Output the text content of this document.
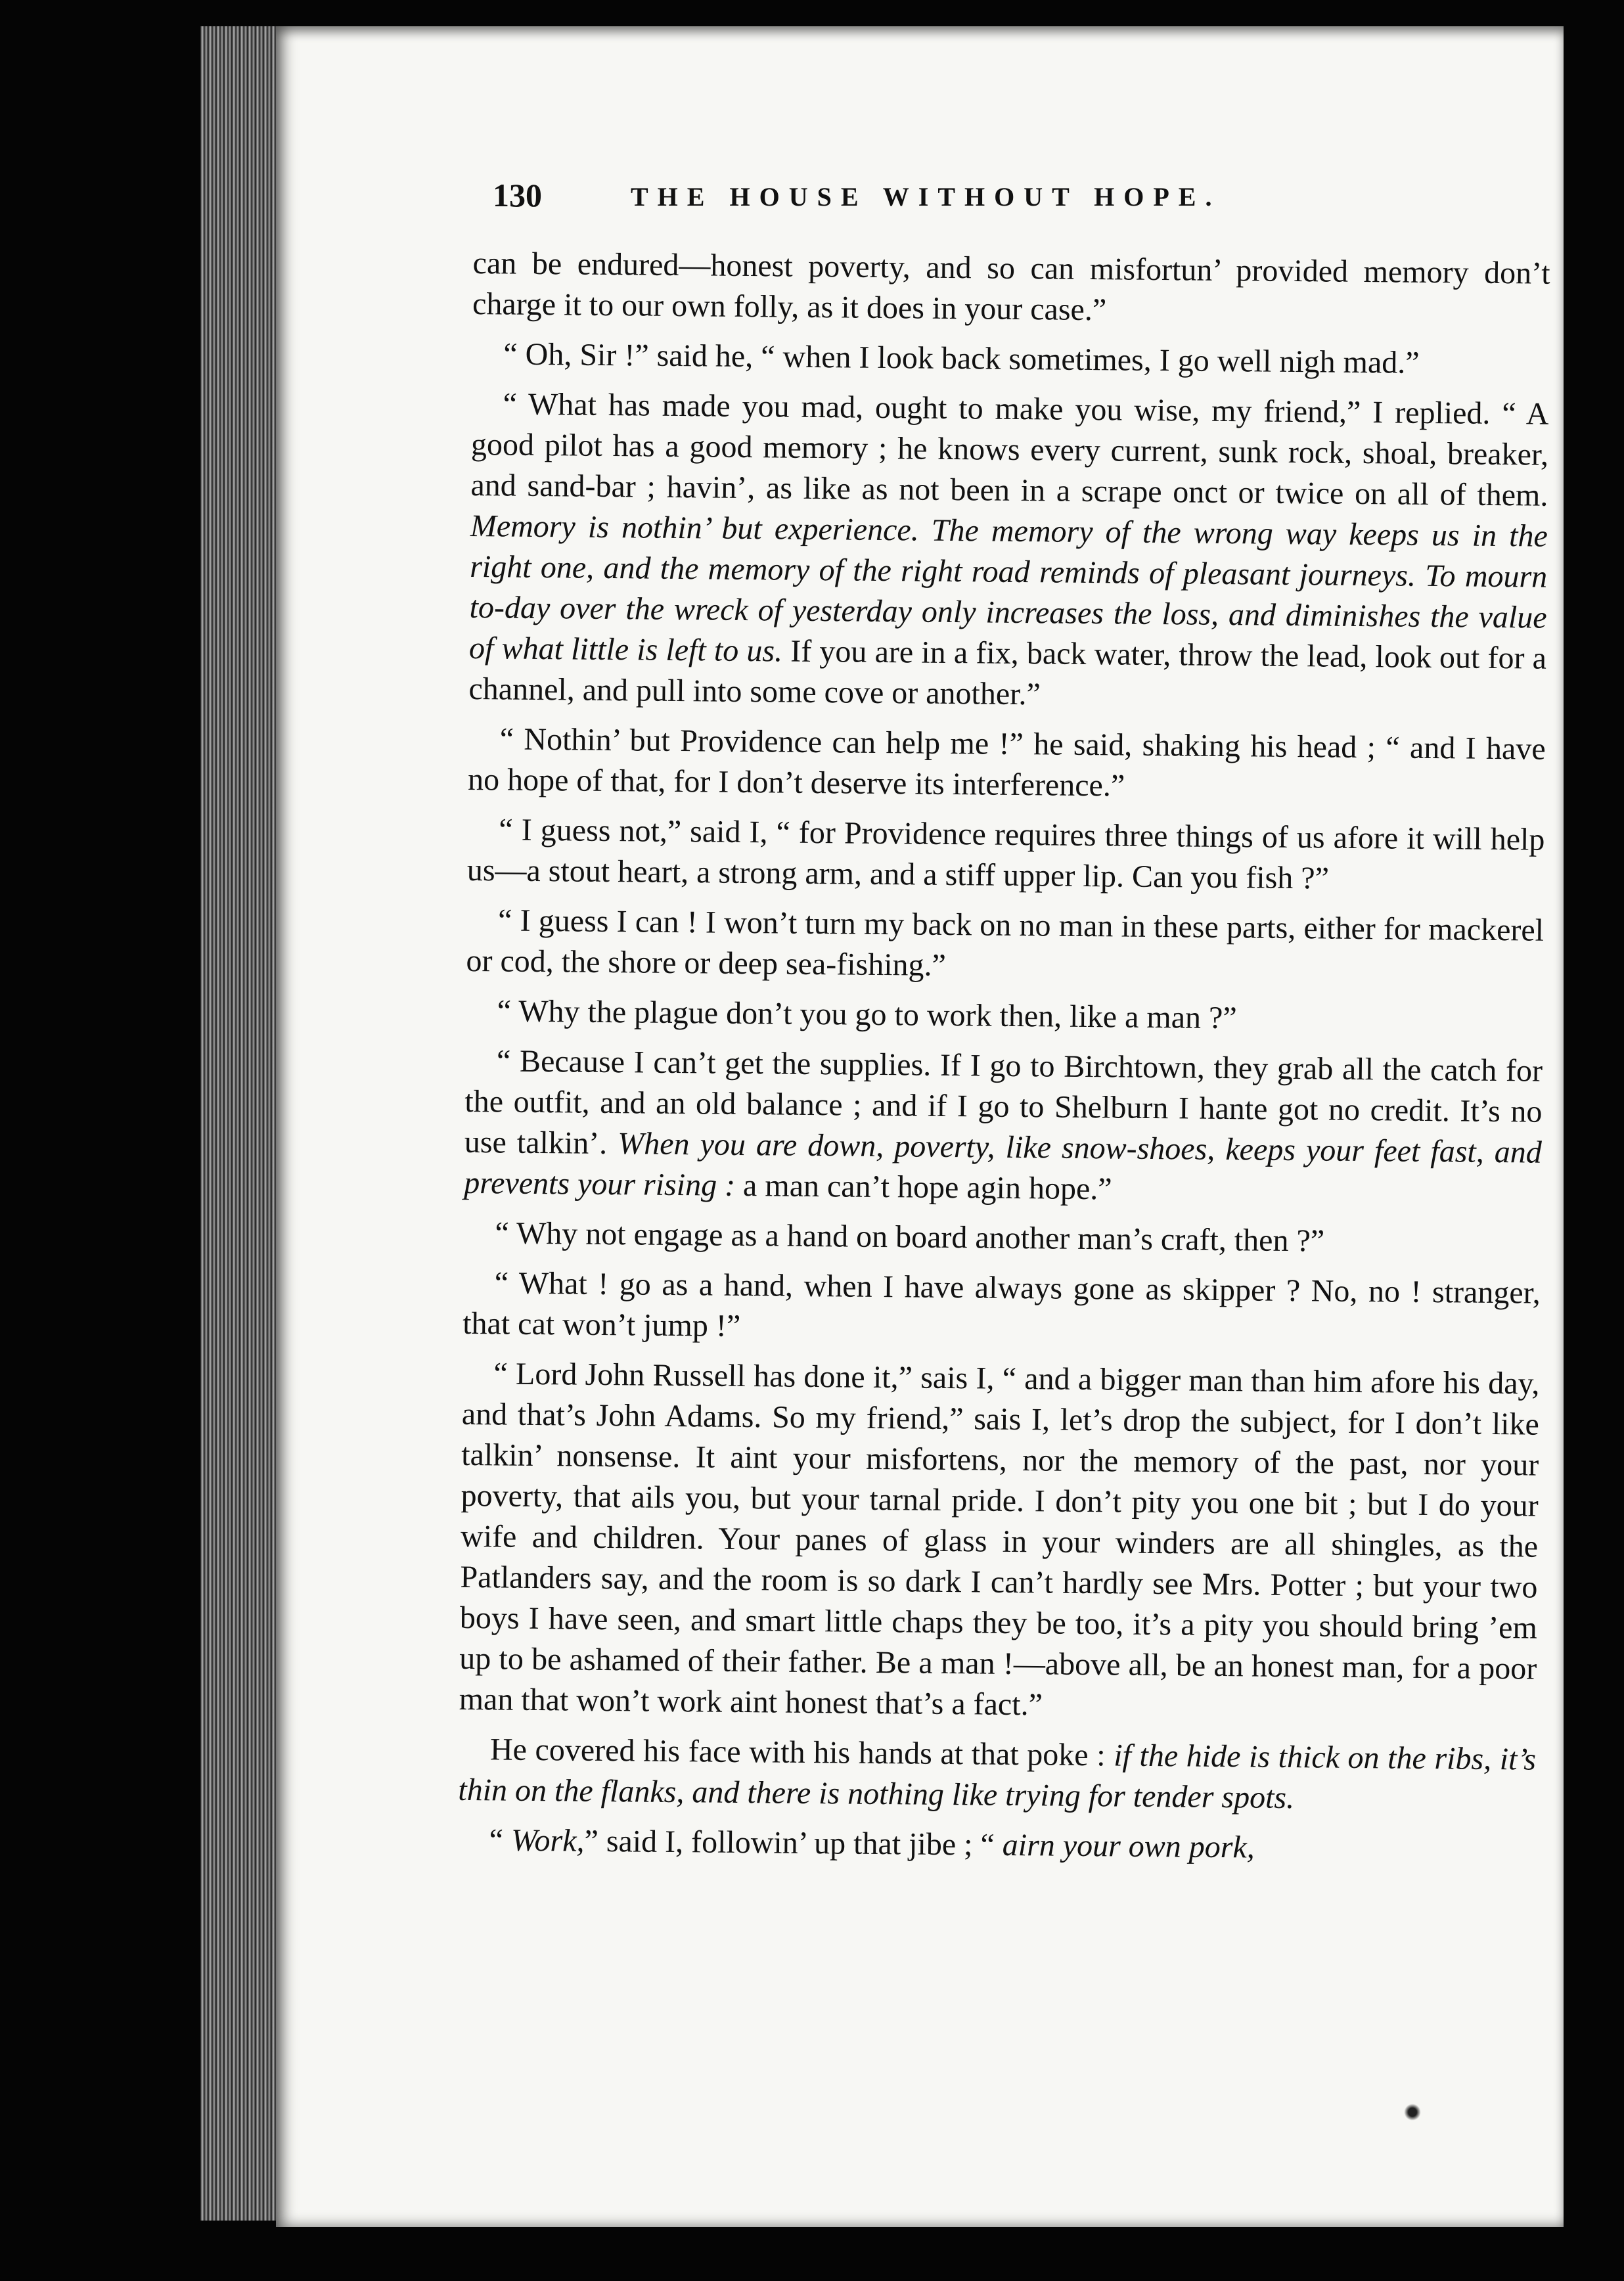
130	THE HOUSE WITHOUT HOPE.

can be endured—honest poverty, and so can misfortun’ provided memory don’t charge it to our own folly, as it does in your case.”

“ Oh, Sir !” said he, “ when I look back sometimes, I go well nigh mad.”

“ What has made you mad, ought to make you wise, my friend,” I replied. “ A good pilot has a good memory ; he knows every current, sunk rock, shoal, breaker, and sand-bar ; havin’, as like as not been in a scrape onct or twice on all of them. Memory is nothin’ but experience. The memory of the wrong way keeps us in the right one, and the memory of the right road reminds of pleasant journeys. To mourn to-day over the wreck of yesterday only increases the loss, and diminishes the value of what little is left to us. If you are in a fix, back water, throw the lead, look out for a channel, and pull into some cove or another.”

“ Nothin’ but Providence can help me !” he said, shaking his head ; “ and I have no hope of that, for I don’t deserve its interference.”

“ I guess not,” said I, “ for Providence requires three things of us afore it will help us—a stout heart, a strong arm, and a stiff upper lip. Can you fish ?”

“ I guess I can ! I won’t turn my back on no man in these parts, either for mackerel or cod, the shore or deep sea-fishing.”

“ Why the plague don’t you go to work then, like a man ?”

“ Because I can’t get the supplies. If I go to Birchtown, they grab all the catch for the outfit, and an old balance ; and if I go to Shelburn I hante got no credit. It’s no use talkin’. When you are down, poverty, like snow-shoes, keeps your feet fast, and prevents your rising : a man can’t hope agin hope.”

“ Why not engage as a hand on board another man’s craft, then ?”

“ What ! go as a hand, when I have always gone as skipper ? No, no ! stranger, that cat won’t jump !”

“ Lord John Russell has done it,” sais I, “ and a bigger man than him afore his day, and that’s John Adams. So my friend,” sais I, let’s drop the subject, for I don’t like talkin’ nonsense. It aint your misfortens, nor the memory of the past, nor your poverty, that ails you, but your tarnal pride. I don’t pity you one bit ; but I do your wife and children. Your panes of glass in your winders are all shingles, as the Patlanders say, and the room is so dark I can’t hardly see Mrs. Potter ; but your two boys I have seen, and smart little chaps they be too, it’s a pity you should bring ’em up to be ashamed of their father. Be a man !—above all, be an honest man, for a poor man that won’t work aint honest that’s a fact.”

He covered his face with his hands at that poke : if the hide is thick on the ribs, it’s thin on the flanks, and there is nothing like trying for tender spots.

“ Work,” said I, followin’ up that jibe ; “ airn your own pork,
